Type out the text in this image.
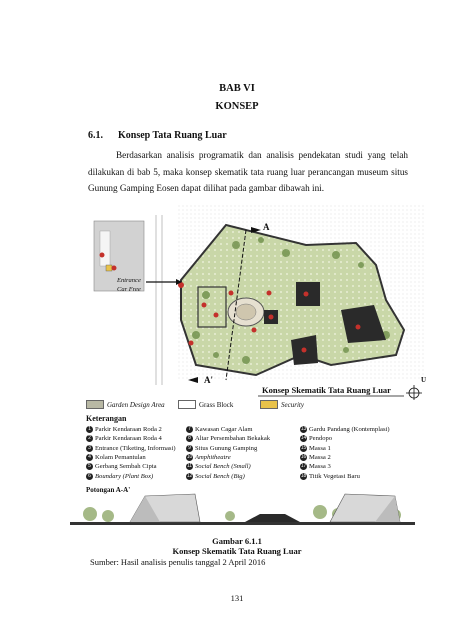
BAB VI
KONSEP
6.1. Konsep Tata Ruang Luar
Berdasarkan analisis programatik dan analisis pendekatan studi yang telah dilakukan di bab 5, maka konsep skematik tata ruang luar perancangan museum situs Gunung Gamping Eosen dapat dilihat pada gambar dibawah ini.
A
A'
Entrance
Car Free
Konsep Skematik Tata Ruang Luar
U
Garden Design Area	Grass Block	Security
Keterangan
1 Parkir Kendaraan Roda 2
2 Parkir Kendaraan Roda 4
3 Entrance (Tiketing, Informasi)
4 Kolam Pemantulan
5 Gerbang Sembah Cipta
6 Boundary (Plant Box)
7 Kawasan Cagar Alam
8 Altar Persembahan Bekakak
9 Situs Gunung Gamping
10 Amphitheatre
11 Social Bench (Small)
12 Social Bench (Big)
13 Gardu Pandang (Kontemplasi)
14 Pendopo
15 Massa 1
16 Massa 2
17 Massa 3
18 Titik Vegetasi Baru
Potongan A-A'
Gambar 6.1.1
Konsep Skematik Tata Ruang Luar
Sumber: Hasil analisis penulis tanggal 2 April 2016
131
